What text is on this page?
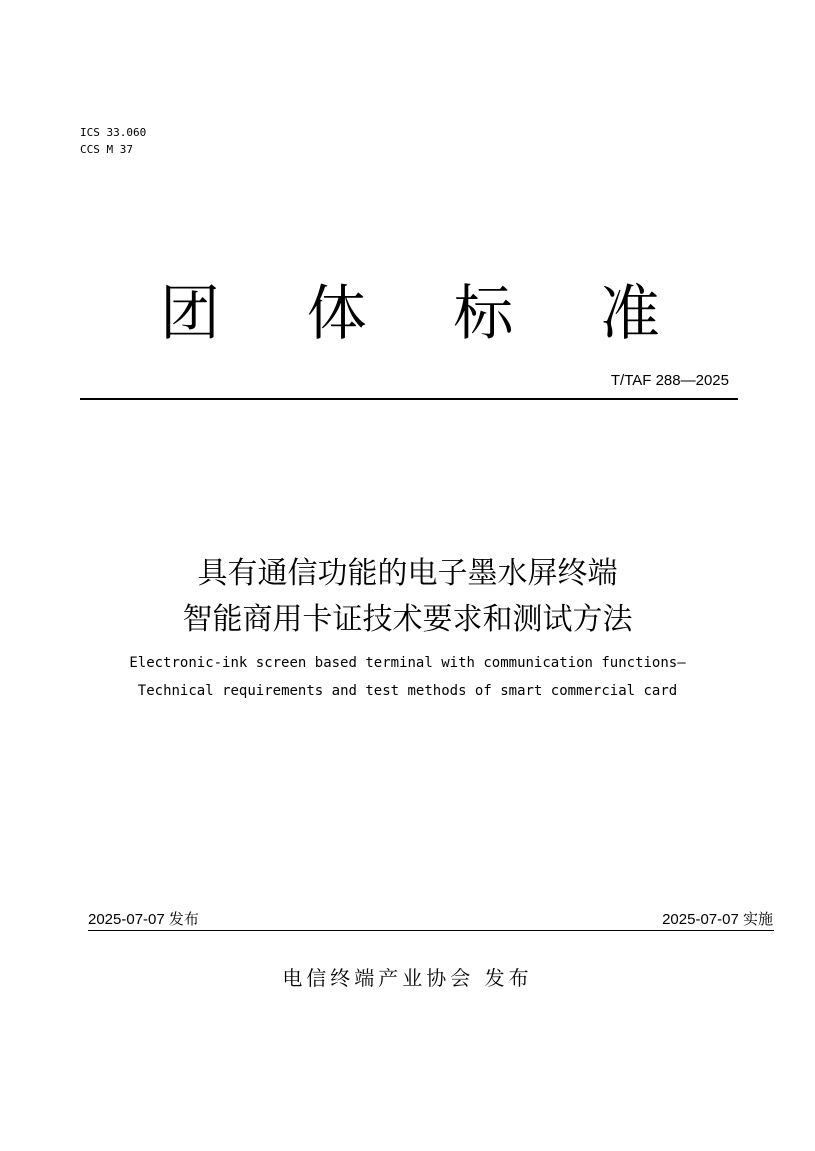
ICS 33.060
CCS M 37
团 体 标 准
T/TAF 288—2025
具有通信功能的电子墨水屏终端
智能商用卡证技术要求和测试方法
Electronic-ink screen based terminal with communication functions—
Technical requirements and test methods of smart commercial card
2025-07-07 发布	2025-07-07 实施
电信终端产业协会 发布
